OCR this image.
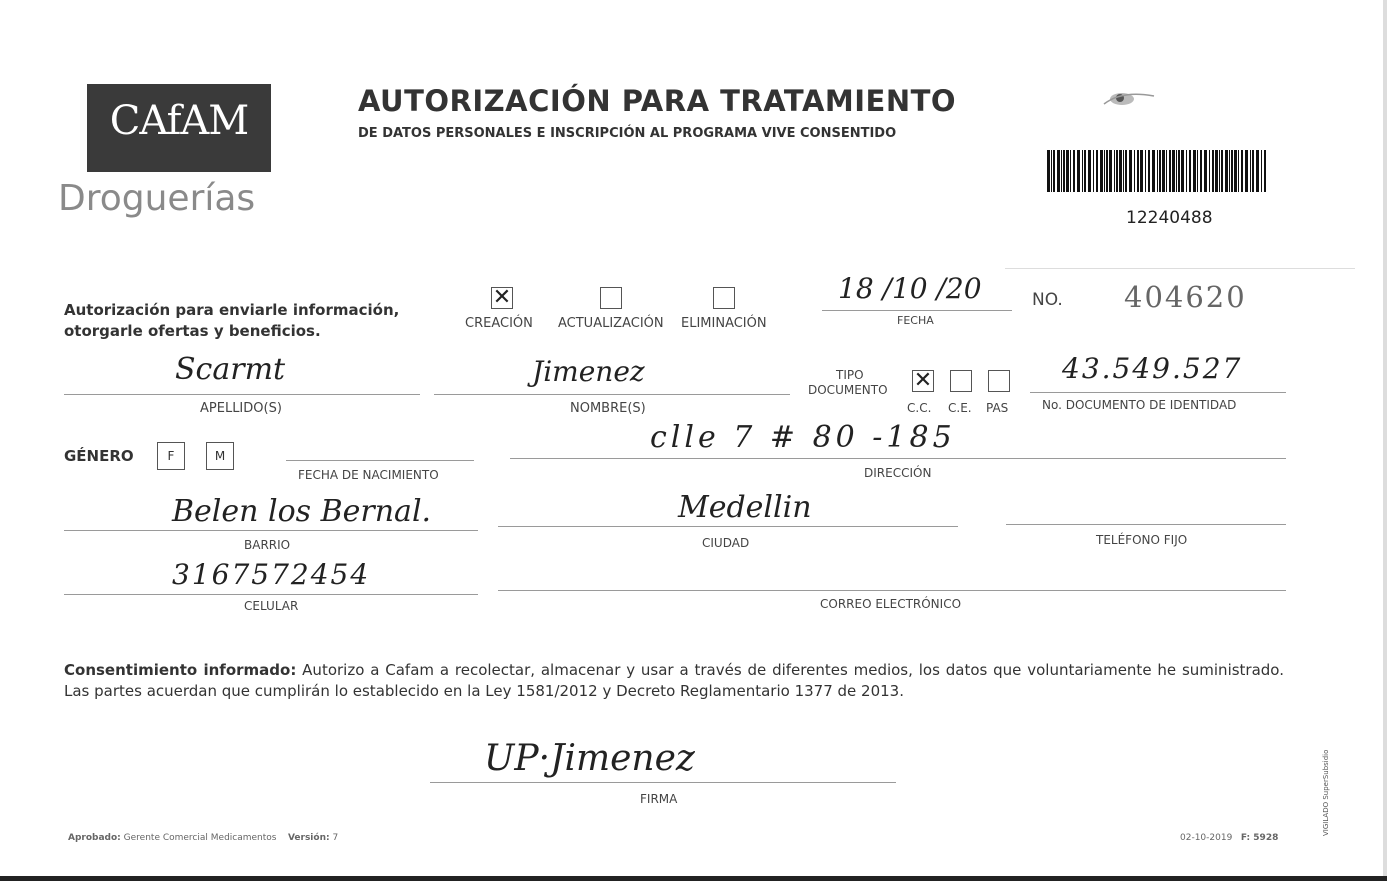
CAfAM
Droguerías
AUTORIZACIÓN PARA TRATAMIENTO
DE DATOS PERSONALES E INSCRIPCIÓN AL PROGRAMA VIVE CONSENTIDO
12240488
Autorización para enviarle información,
otorgarle ofertas y beneficios.
✕
CREACIÓN ACTUALIZACIÓN ELIMINACIÓN
18 /10 /20
FECHA
NO. 404620
Scarmt
APELLIDO(S)
Jimenez
NOMBRE(S)
TIPO
DOCUMENTO ✕
C.C. C.E. PAS
43.549.527
No. DOCUMENTO DE IDENTIDAD
GÉNERO	F	M
FECHA DE NACIMIENTO
clle 7 # 80 -185
DIRECCIÓN
Belen los Bernal.
BARRIO
Medellin
CIUDAD	TELÉFONO FIJO
3167572454
CELULAR	CORREO ELECTRÓNICO
Consentimiento informado: Autorizo a Cafam a recolectar, almacenar y usar a través de diferentes medios, los datos que voluntariamente he suministrado. Las partes acuerdan que cumplirán lo establecido en la Ley 1581/2012 y Decreto Reglamentario 1377 de 2013.
UP·Jimenez
FIRMA
Aprobado: Gerente Comercial Medicamentos Versión: 7	02-10-2019 F: 5928
VIGILADO SuperSubsidio
